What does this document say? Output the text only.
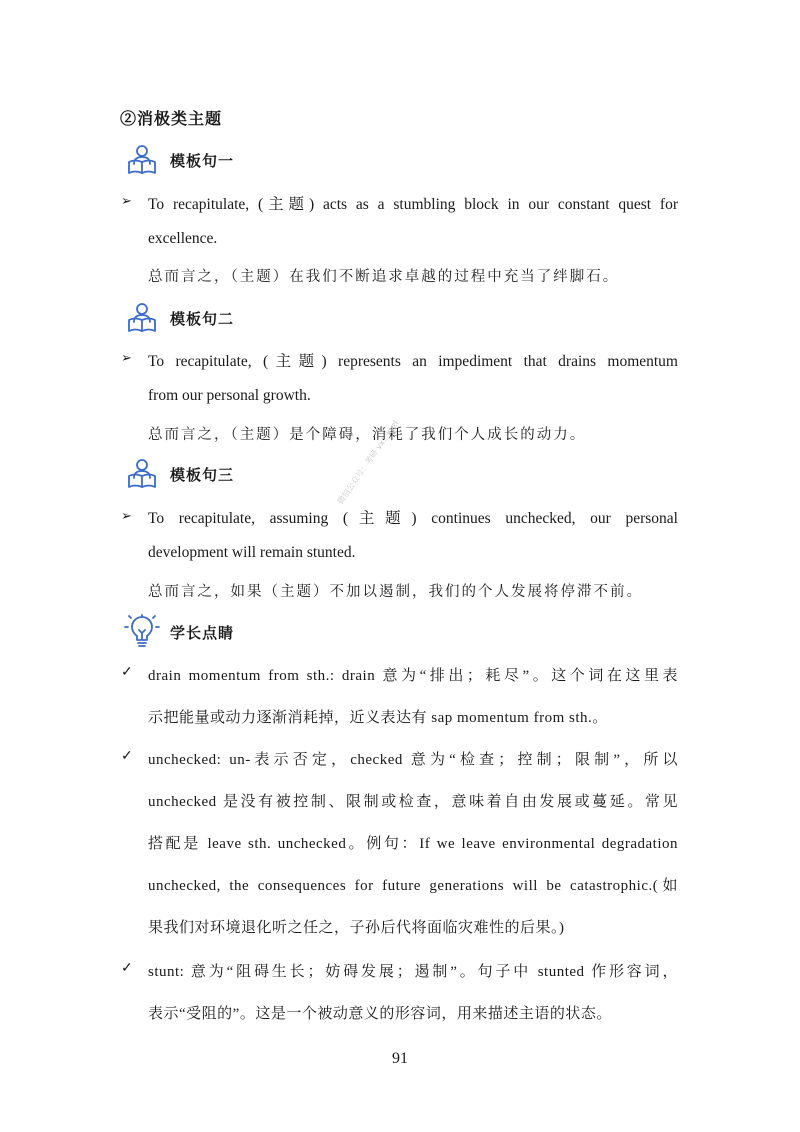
②消极类主题
模板句一
➢ To recapitulate, (主题) acts as a stumbling block in our constant quest for
excellence.
总而言之，（主题）在我们不断追求卓越的过程中充当了绊脚石。
模板句二
➢ To recapitulate, (主题) represents an impediment that drains momentum
from our personal growth.
总而言之，（主题）是个障碍，消耗了我们个人成长的动力。
模板句三
➢ To recapitulate, assuming (主题) continues unchecked, our personal
development will remain stunted.
总而言之，如果（主题）不加以遏制，我们的个人发展将停滞不前。
学长点睛
微信公众号：考研 vx：kyzl
✓ drain momentum from sth.: drain 意为“排出；耗尽”。这个词在这里表
示把能量或动力逐渐消耗掉，近义表达有 sap momentum from sth.。
✓ unchecked: un-表示否定，checked 意为“检查；控制；限制”，所以
unchecked 是没有被控制、限制或检查，意味着自由发展或蔓延。常见
搭配是 leave sth. unchecked。例句：If we leave environmental degradation
unchecked, the consequences for future generations will be catastrophic.(如
果我们对环境退化听之任之，子孙后代将面临灾难性的后果。)
✓ stunt: 意为“阻碍生长；妨碍发展；遏制”。句子中 stunted 作形容词，
表示“受阻的”。这是一个被动意义的形容词，用来描述主语的状态。
91
